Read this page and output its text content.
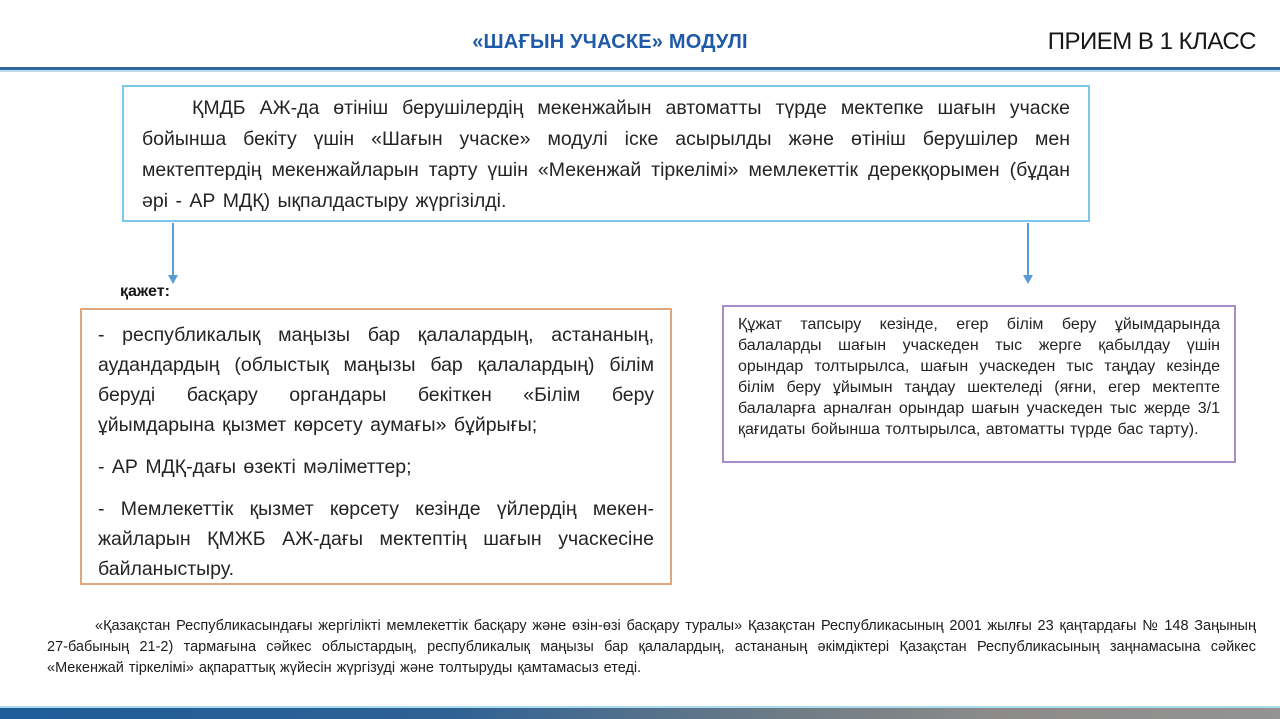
«ШАҒЫН УЧАСКЕ» МОДУЛІ	ПРИЕМ В 1 КЛАСС

ҚМДБ АЖ-да өтініш берушілердің мекенжайын автоматты түрде мектепке шағын учаске бойынша бекіту үшін «Шағын учаске» модулі іске асырылды және өтініш берушілер мен мектептердің мекенжайларын тарту үшін «Мекенжай тіркелімі» мемлекеттік дерекқорымен (бұдан әрі - АР МДҚ) ықпалдастыру жүргізілді.

қажет:

- республикалық маңызы бар қалалардың, астананың, аудандардың (облыстық маңызы бар қалалардың) білім беруді басқару органдары бекіткен «Білім беру ұйымдарына қызмет көрсету аумағы» бұйрығы;

- АР МДҚ-дағы өзекті мәліметтер;

- Мемлекеттік қызмет көрсету кезінде үйлердің мекен-жайларын ҚМЖБ АЖ-дағы мектептің шағын учаскесіне байланыстыру.

Құжат тапсыру кезінде, егер білім беру ұйымдарында балаларды шағын учаскеден тыс жерге қабылдау үшін орындар толтырылса, шағын учаскеден тыс таңдау кезінде білім беру ұйымын таңдау шектеледі (яғни, егер мектепте балаларға арналған орындар шағын учаскеден тыс жерде 3/1 қағидаты бойынша толтырылса, автоматты түрде бас тарту).

«Қазақстан Республикасындағы жергілікті мемлекеттік басқару және өзін-өзі басқару туралы» Қазақстан Республикасының 2001 жылғы 23 қаңтардағы № 148 Заңының 27-бабының 21-2) тармағына сәйкес облыстардың, республикалық маңызы бар қалалардың, астананың әкімдіктері Қазақстан Республикасының заңнамасына сәйкес «Мекенжай тіркелімі» ақпараттық жүйесін жүргізуді және толтыруды қамтамасыз етеді.
